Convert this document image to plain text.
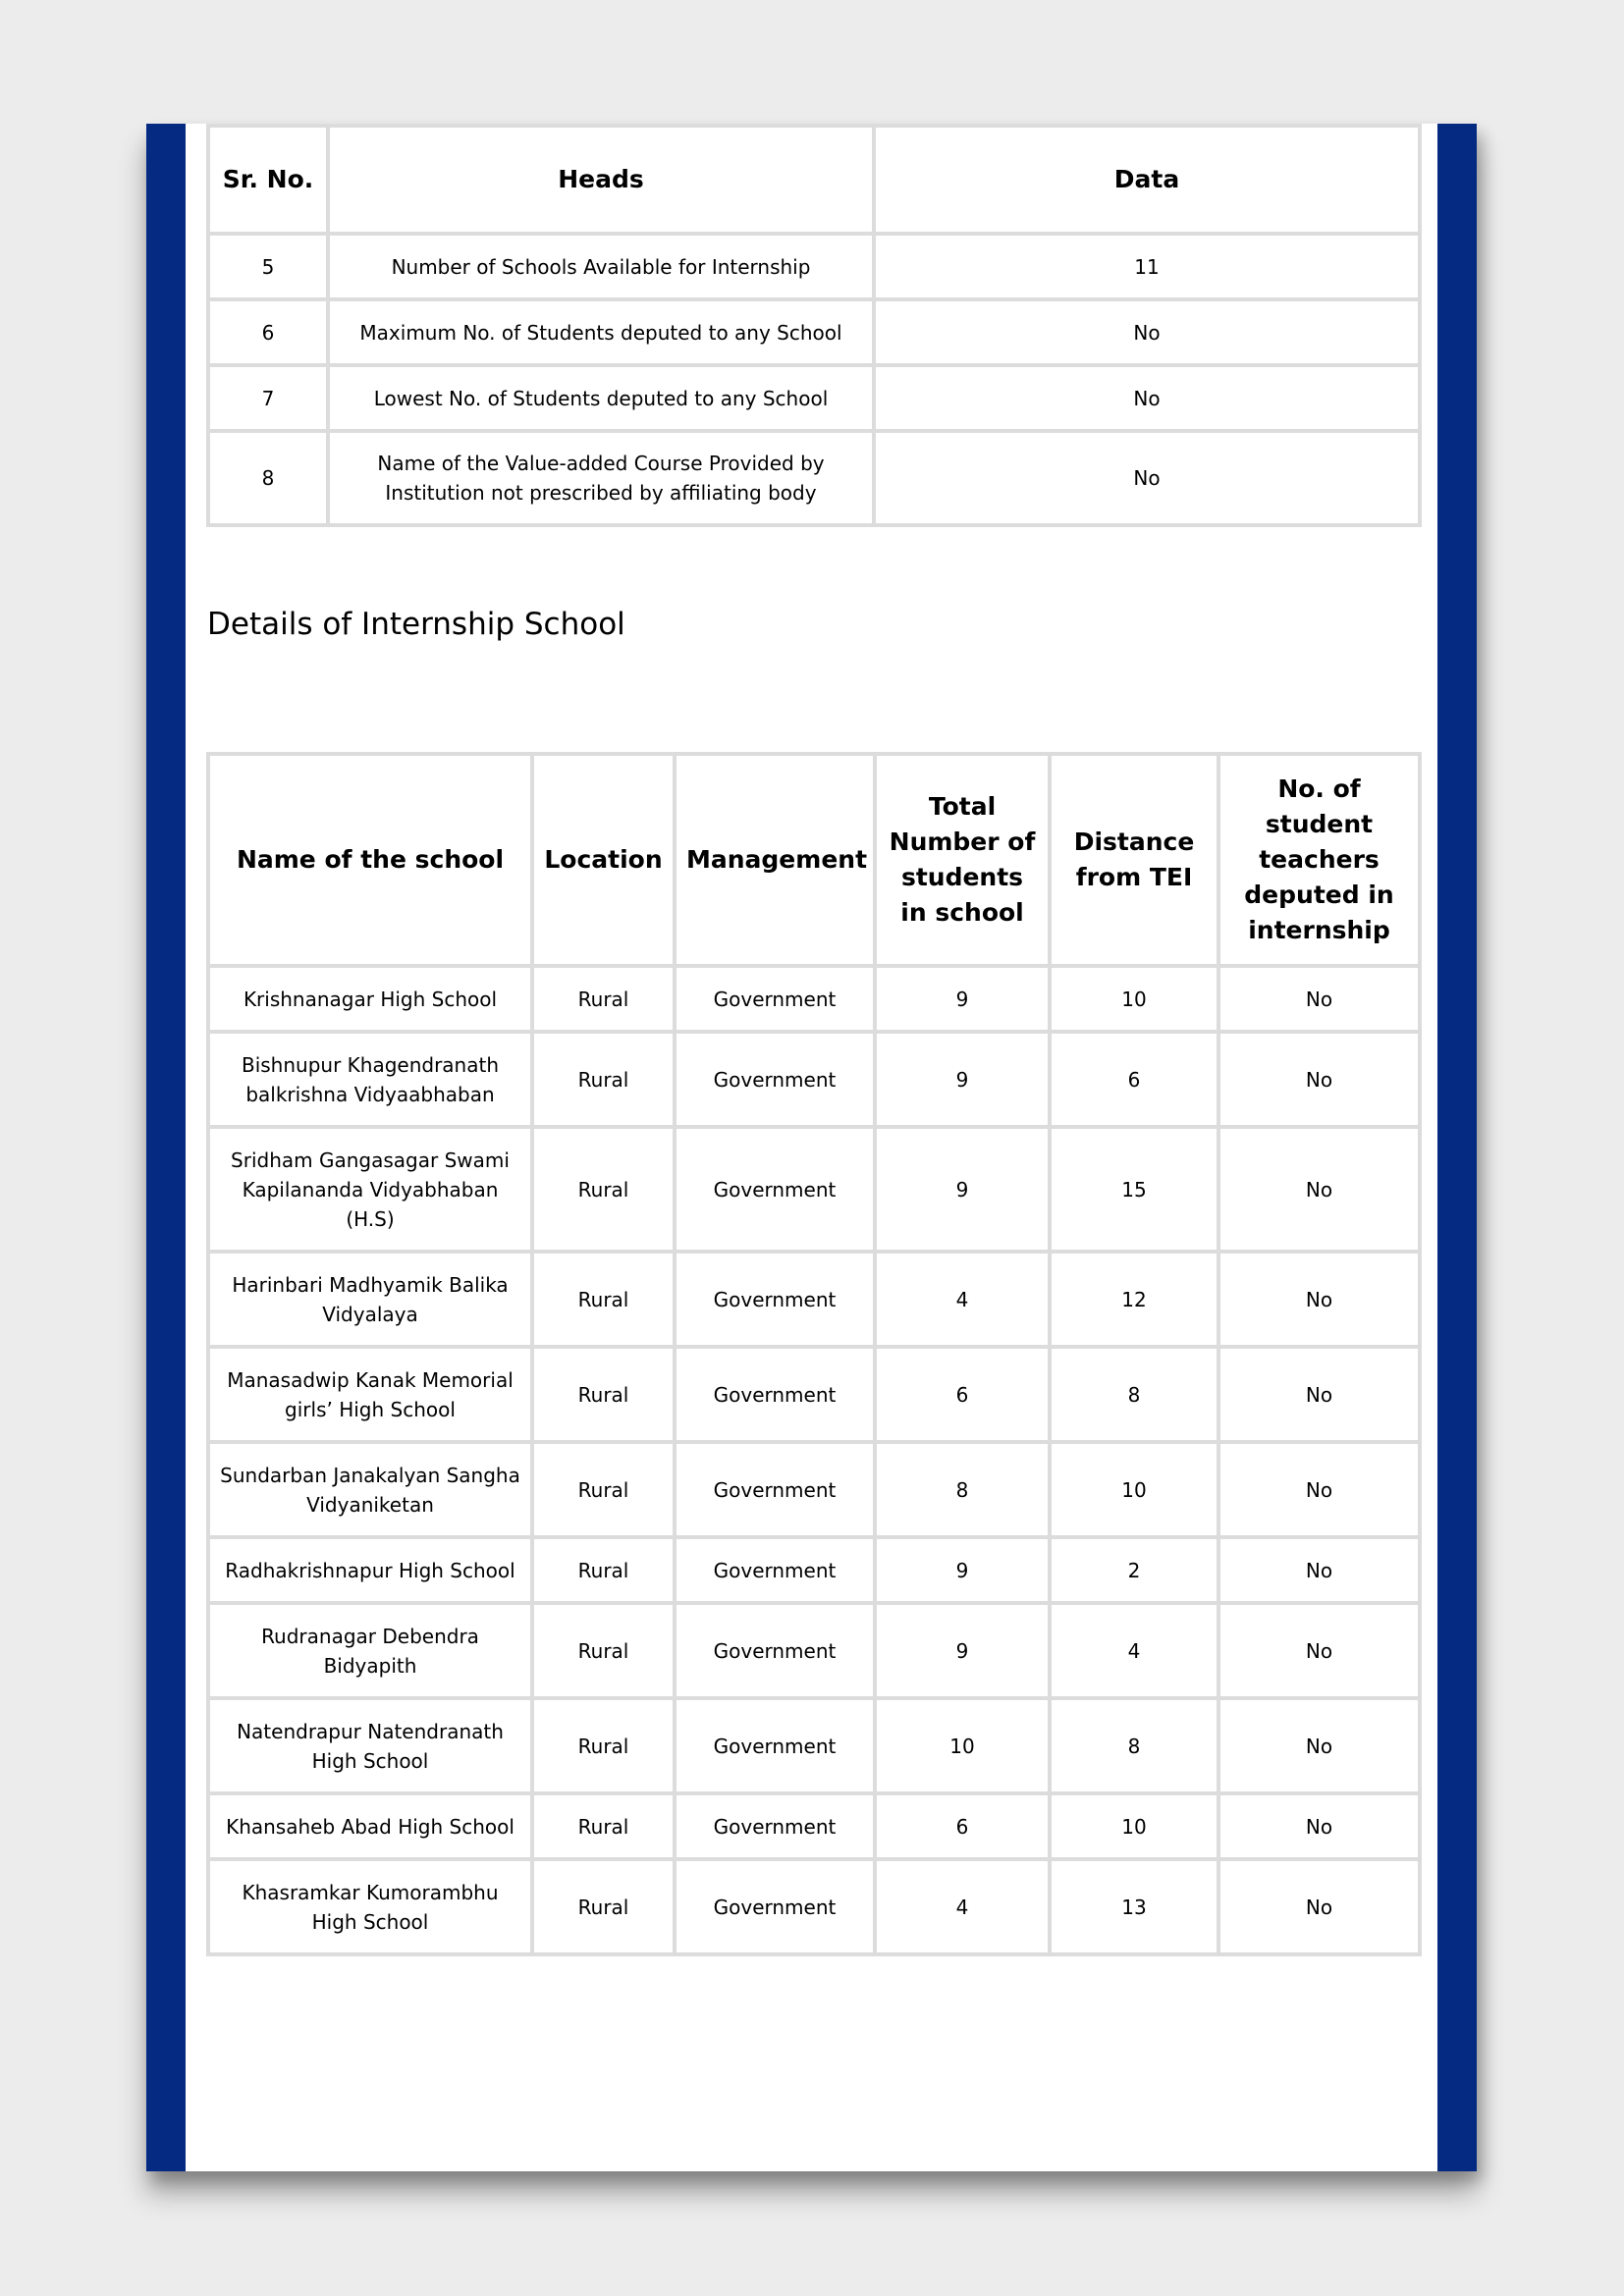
Sr. No.	Heads	Data
5	Number of Schools Available for Internship	11
6	Maximum No. of Students deputed to any School	No
7	Lowest No. of Students deputed to any School	No
8	Name of the Value-added Course Provided by Institution not prescribed by affiliating body	No
Details of Internship School
Name of the school	Location	Management	Total Number of students in school	Distance from TEI	No. of student teachers deputed in internship
Krishnanagar High School	Rural	Government	9	10	No
Bishnupur Khagendranath balkrishna Vidyaabhaban	Rural	Government	9	6	No
Sridham Gangasagar Swami Kapilananda Vidyabhaban (H.S)	Rural	Government	9	15	No
Harinbari Madhyamik Balika Vidyalaya	Rural	Government	4	12	No
Manasadwip Kanak Memorial girls’ High School	Rural	Government	6	8	No
Sundarban Janakalyan Sangha Vidyaniketan	Rural	Government	8	10	No
Radhakrishnapur High School	Rural	Government	9	2	No
Rudranagar Debendra Bidyapith	Rural	Government	9	4	No
Natendrapur Natendranath High School	Rural	Government	10	8	No
Khansaheb Abad High School	Rural	Government	6	10	No
Khasramkar Kumorambhu High School	Rural	Government	4	13	No
